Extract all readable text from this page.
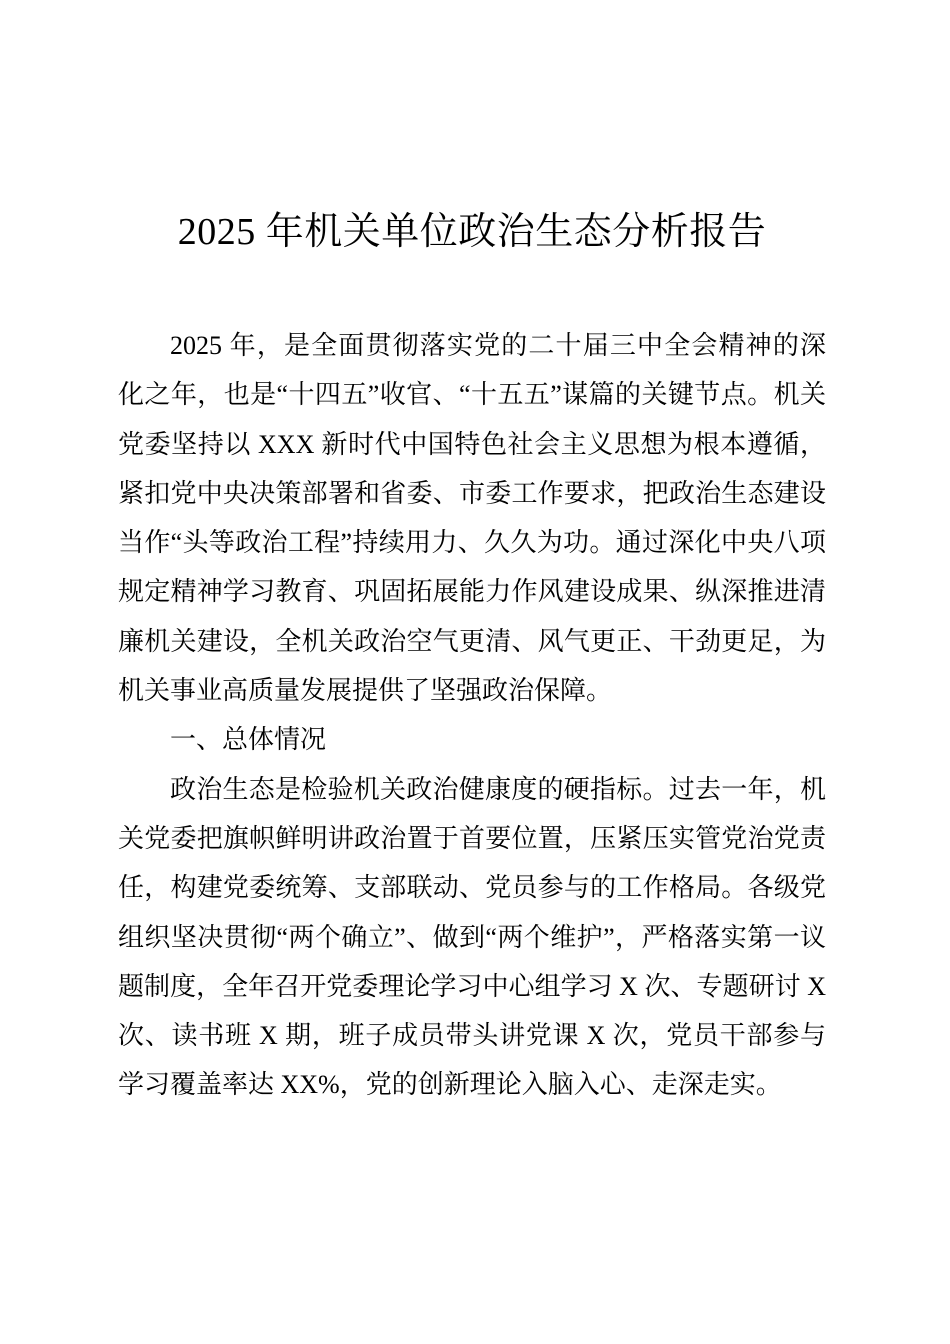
2025 年机关单位政治生态分析报告

2025 年，是全面贯彻落实党的二十届三中全会精神的深化之年，也是“十四五”收官、“十五五”谋篇的关键节点。机关党委坚持以 XXX 新时代中国特色社会主义思想为根本遵循，紧扣党中央决策部署和省委、市委工作要求，把政治生态建设当作“头等政治工程”持续用力、久久为功。通过深化中央八项规定精神学习教育、巩固拓展能力作风建设成果、纵深推进清廉机关建设，全机关政治空气更清、风气更正、干劲更足，为机关事业高质量发展提供了坚强政治保障。

一、总体情况

政治生态是检验机关政治健康度的硬指标。过去一年，机关党委把旗帜鲜明讲政治置于首要位置，压紧压实管党治党责任，构建党委统筹、支部联动、党员参与的工作格局。各级党组织坚决贯彻“两个确立”、做到“两个维护”，严格落实第一议题制度，全年召开党委理论学习中心组学习 X 次、专题研讨 X 次、读书班 X 期，班子成员带头讲党课 X 次，党员干部参与学习覆盖率达 XX%，党的创新理论入脑入心、走深走实。
